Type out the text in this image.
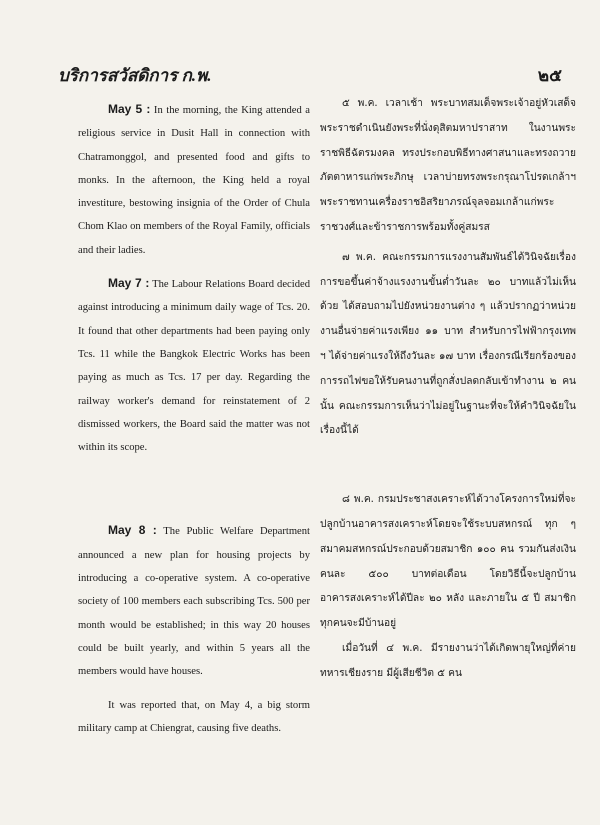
บริการสวัสดิการ ก.พ.	๒๕

May 5 : In the morning, the King attended a religious service in Dusit Hall in connection with Chatramonggol, and presented food and gifts to monks. In the afternoon, the King held a royal investiture, bestowing insignia of the Order of Chula Chom Klao on members of the Royal Family, officials and their ladies.

May 7 : The Labour Relations Board decided against introducing a minimum daily wage of Tcs. 20. It found that other departments had been paying only Tcs. 11 while the Bangkok Electric Works has been paying as much as Tcs. 17 per day. Regarding the railway worker's demand for reinstatement of 2 dismissed workers, the Board said the matter was not within its scope.

May 8 : The Public Welfare Department announced a new plan for housing projects by introducing a co-operative system. A co-operative society of 100 members each subscribing Tcs. 500 per month would be established; in this way 20 houses could be built yearly, and within 5 years all the members would have houses.

It was reported that, on May 4, a big storm military camp at Chiengrat, causing five deaths.

๕ พ.ค. เวลาเช้า พระบาทสมเด็จพระเจ้าอยู่หัวเสด็จพระราชดำเนินยังพระที่นั่งดุสิตมหาปราสาท ในงานพระราชพิธีฉัตรมงคล ทรงประกอบพิธีทางศาสนาและทรงถวายภัตตาหารแก่พระภิกษุ เวลาบ่ายทรงพระกรุณาโปรดเกล้าฯ พระราชทานเครื่องราชอิสริยาภรณ์จุลจอมเกล้าแก่พระราชวงศ์และข้าราชการพร้อมทั้งคู่สมรส

๗ พ.ค. คณะกรรมการแรงงานสัมพันธ์ได้วินิจฉัยเรื่องการขอขึ้นค่าจ้างแรงงานขั้นต่ำวันละ ๒๐ บาทแล้วไม่เห็นด้วย ได้สอบถามไปยังหน่วยงานต่าง ๆ แล้วปรากฏว่าหน่วยงานอื่นจ่ายค่าแรงเพียง ๑๑ บาท สำหรับการไฟฟ้ากรุงเทพ ฯ ได้จ่ายค่าแรงให้ถึงวันละ ๑๗ บาท เรื่องกรณีเรียกร้องของการรถไฟขอให้รับคนงานที่ถูกสั่งปลดกลับเข้าทำงาน ๒ คนนั้น คณะกรรมการเห็นว่าไม่อยู่ในฐานะที่จะให้คำวินิจฉัยในเรื่องนี้ได้

๘ พ.ค. กรมประชาสงเคราะห์ได้วางโครงการใหม่ที่จะปลูกบ้านอาคารสงเคราะห์โดยจะใช้ระบบสหกรณ์ ทุก ๆ สมาคมสหกรณ์ประกอบด้วยสมาชิก ๑๐๐ คน รวมกันส่งเงินคนละ ๕๐๐ บาทต่อเดือน โดยวิธีนี้จะปลูกบ้านอาคารสงเคราะห์ได้ปีละ ๒๐ หลัง และภายใน ๕ ปี สมาชิกทุกคนจะมีบ้านอยู่

เมื่อวันที่ ๔ พ.ค. มีรายงานว่าได้เกิดพายุใหญ่ที่ค่ายทหารเชียงราย มีผู้เสียชีวิต ๕ คน
